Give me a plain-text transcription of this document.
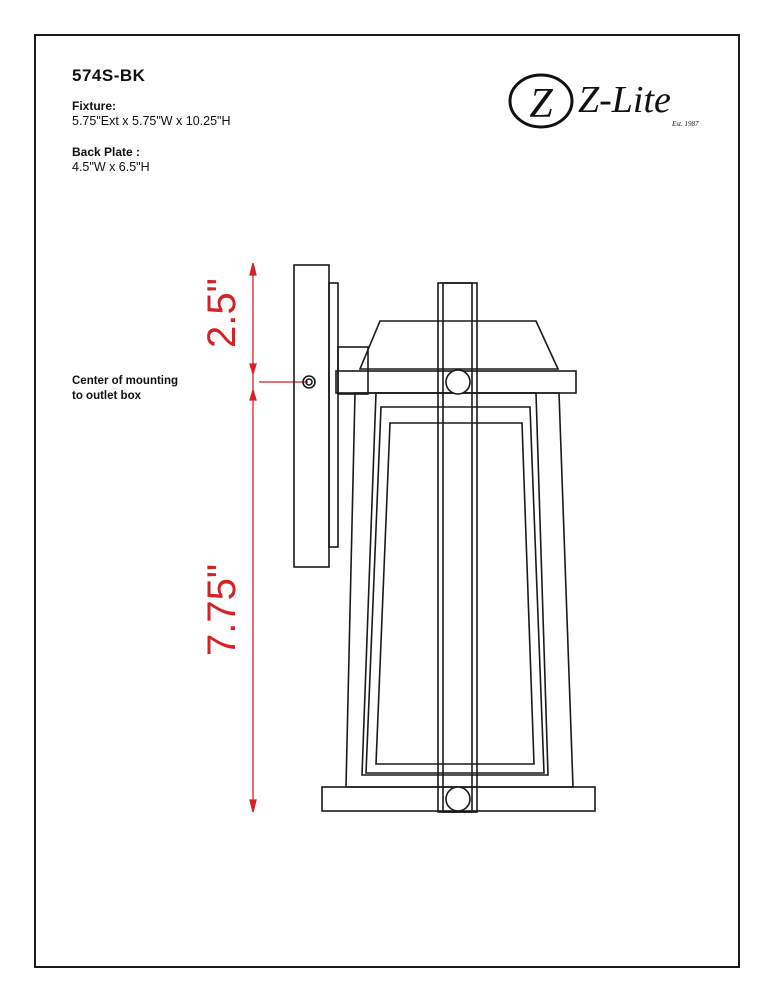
574S-BK
Fixture:
5.75"Ext x 5.75"W x 10.25"H
Back Plate :
4.5"W x 6.5"H
Center of mounting
to outlet box
Z Z-Lite
Est. 1987
2.5"
7.75"
